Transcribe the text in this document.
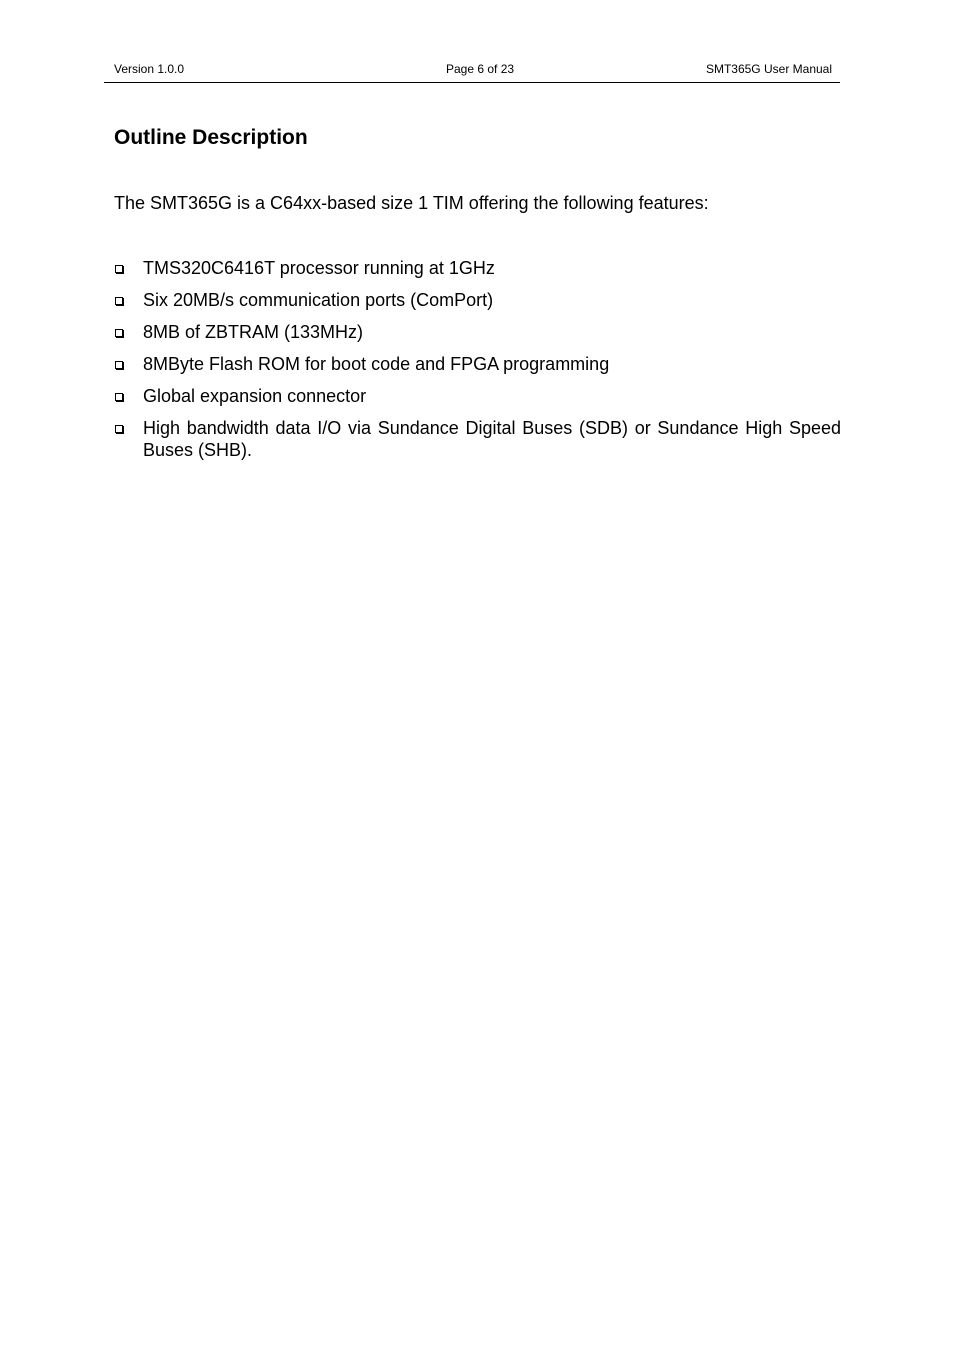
Version 1.0.0	Page 6 of 23	SMT365G User Manual
Outline Description

The SMT365G is a C64xx-based size 1 TIM offering the following features:

TMS320C6416T processor running at 1GHz
Six 20MB/s communication ports (ComPort)
8MB of ZBTRAM (133MHz)
8MByte Flash ROM for boot code and FPGA programming
Global expansion connector
High bandwidth data I/O via Sundance Digital Buses (SDB) or Sundance High Speed Buses (SHB).
